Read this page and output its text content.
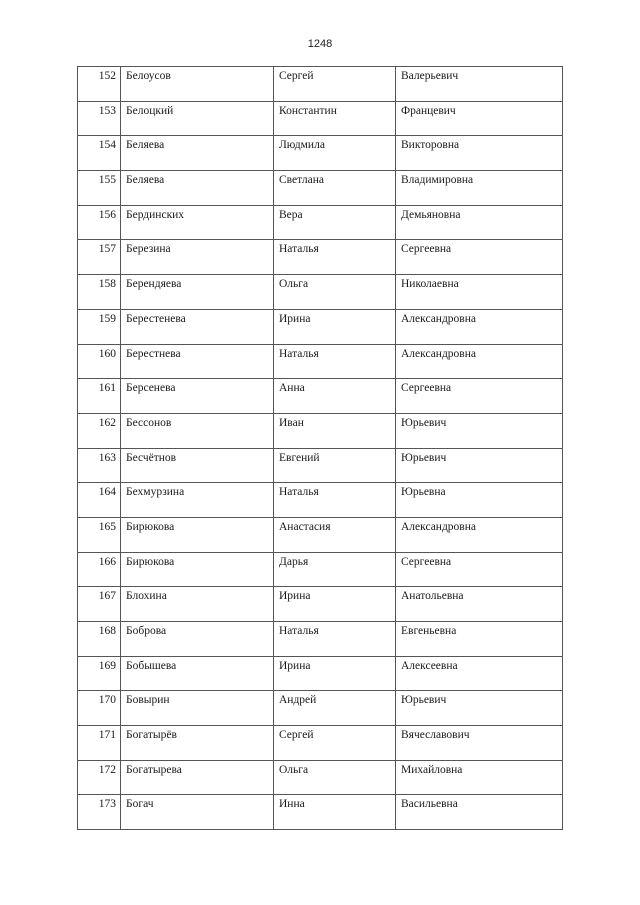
1248
152	Белоусов	Сергей	Валерьевич
153	Белоцкий	Константин	Францевич
154	Беляева	Людмила	Викторовна
155	Беляева	Светлана	Владимировна
156	Бердинских	Вера	Демьяновна
157	Березина	Наталья	Сергеевна
158	Берендяева	Ольга	Николаевна
159	Берестенева	Ирина	Александровна
160	Берестнева	Наталья	Александровна
161	Берсенева	Анна	Сергеевна
162	Бессонов	Иван	Юрьевич
163	Бесчётнов	Евгений	Юрьевич
164	Бехмурзина	Наталья	Юрьевна
165	Бирюкова	Анастасия	Александровна
166	Бирюкова	Дарья	Сергеевна
167	Блохина	Ирина	Анатольевна
168	Боброва	Наталья	Евгеньевна
169	Бобышева	Ирина	Алексеевна
170	Бовырин	Андрей	Юрьевич
171	Богатырёв	Сергей	Вячеславович
172	Богатырева	Ольга	Михайловна
173	Богач	Инна	Васильевна
